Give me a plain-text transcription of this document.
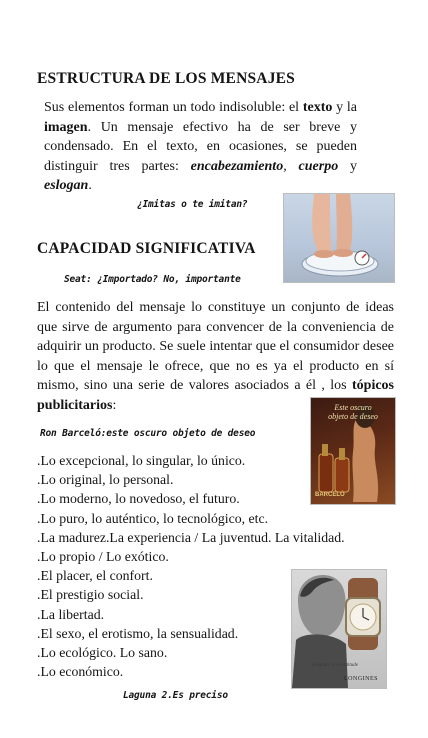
ESTRUCTURA DE LOS MENSAJES
Sus elementos forman un todo indisoluble: el texto y la imagen. Un mensaje efectivo ha de ser breve y condensado. En el texto, en ocasiones, se pueden distinguir tres partes: encabezamiento, cuerpo y eslogan.
¿Imitas o te imitan?
CAPACIDAD SIGNIFICATIVA
Seat: ¿Importado? No, importante
El contenido del mensaje lo constituye un conjunto de ideas que sirve de argumento para convencer de la conveniencia de adquirir un producto. Se suele intentar que el consumidor desee lo que el mensaje le ofrece, que no es ya el producto en sí mismo, sino una serie de valores asociados a él , los tópicos publicitarios:	Este oscuro
objeto de deseo
BARCELÓ
Ron Barceló:este oscuro objeto de deseo
.Lo excepcional, lo singular, lo único.
.Lo original, lo personal.
.Lo moderno, lo novedoso, el futuro.
.Lo puro, lo auténtico, lo tecnológico, etc.
.La madurez.La experiencia / La juventud. La vitalidad.
.Lo propio / Lo exótico.
.El placer, el confort.
.El prestigio social.
.La libertad.
.El sexo, el erotismo, la sensualidad.
.Lo ecológico. Lo sano.
.Lo económico.	Elegance is an attitude
LONGINES
Laguna 2.Es preciso
